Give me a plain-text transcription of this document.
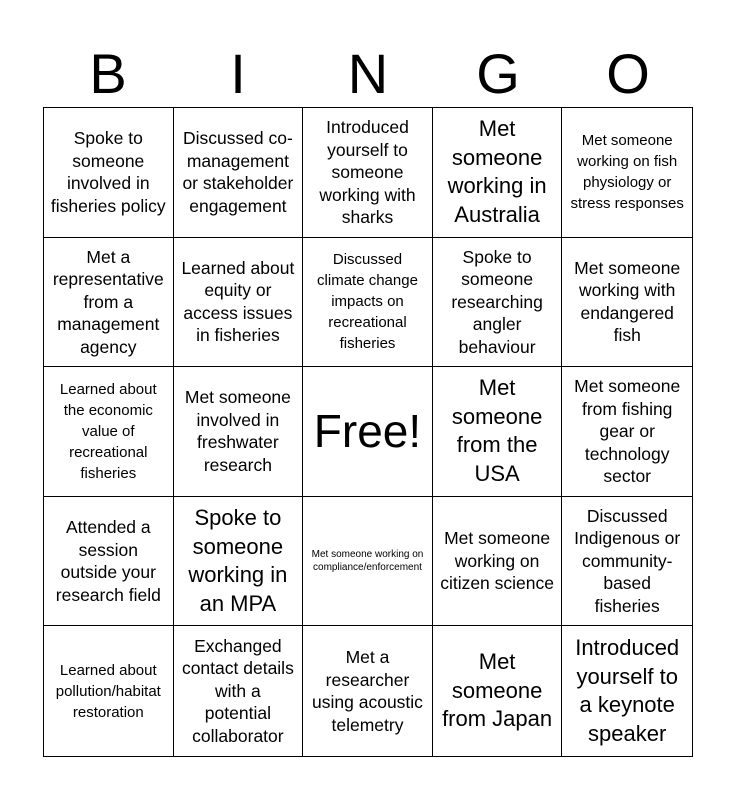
B	I	N	G	O
Spoke to someone involved in fisheries policy
Discussed co-management or stakeholder engagement
Introduced yourself to someone working with sharks
Met someone working in Australia
Met someone working on fish physiology or stress responses
Met a representative from a management agency
Learned about equity or access issues in fisheries
Discussed climate change impacts on recreational fisheries
Spoke to someone researching angler behaviour
Met someone working with endangered fish
Learned about the economic value of recreational fisheries
Met someone involved in freshwater research
Free!
Met someone from the USA
Met someone from fishing gear or technology sector
Attended a session outside your research field
Spoke to someone working in an MPA
Met someone working on compliance/enforcement
Met someone working on citizen science
Discussed Indigenous or community-based fisheries
Learned about pollution/habitat restoration
Exchanged contact details with a potential collaborator
Met a researcher using acoustic telemetry
Met someone from Japan
Introduced yourself to a keynote speaker
